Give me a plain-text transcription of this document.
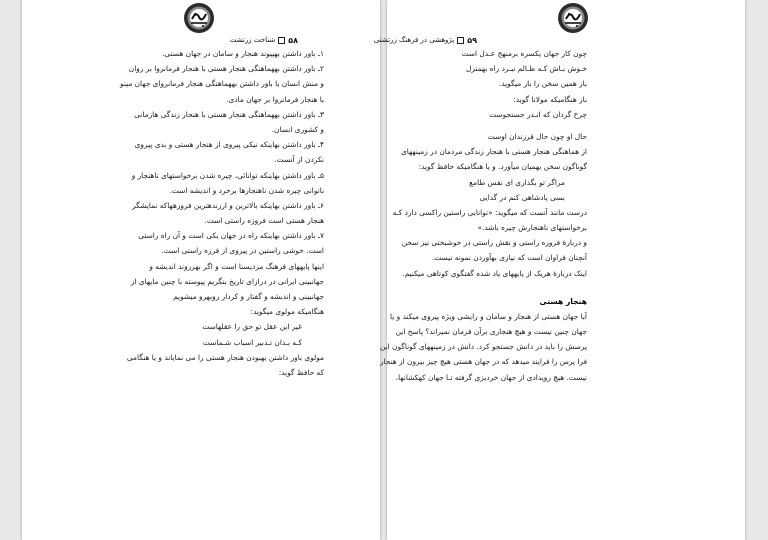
۵۸
شناخت زرتشت
۱ـ باور داشتن بهپیوند هنجار و سامان در جهان هستی.
۲ـ باور داشتن بههماهنگی هنجار هستی با هنجار فرمانروا بر روان
و منش انسان یا باور داشتن بههماهنگی هنجار فرمانروای جهان مینو
با هنجار فرمانروا بر جهان مادی.
۳ـ باور داشتن بههماهنگی هنجار هستی با هنجار زندگی هازمانی
و کشوری انسان.
۴ـ باور داشتن بهاینکه نیکی پیروی از هنجار هستی و بدی پیروی
نکردن از آنست.
۵ـ باور داشتن بهاینکه توانائی، چیره شدن برخواستهای ناهنجار و
ناتوانی چیره شدن ناهنجارها برخرد و اندیشه است.
۶ـ باور داشتن بهاینکه بالاترین و ارزندهترین فروزههاکه نمایشگر
هنجار هستی است فروزه راستی است.
۷ـ باور داشتن بهاینکه راه در جهان یکی است و آن راه راستی
است. خوشی راستین در پیروی از فرزه راستی است.
اینها پایههای فرهنگ مزدیسنا است و اگر بهرروند اندیشه و
جهانبینی ایرانی در درازای تاریخ بنگریم پیوسته با چنین مایهای از
جهانبینی و اندیشه و گفتار و کردار روبهرو میشویم
هنگامیکه مولوی میگوید:
غیر این عقل تو حق را عقلهاست
کـه بـدان تـدبیر اسباب شـماست
مولوی باور داشتن بهبودن هنجار هستی را می نمایاند و یا هنگامی
که حافظ گوید:
۵۹
پژوهشی در فرهنگ زرتشتی
چون کار جهان یکسره برمنهج عـدل است
خـوش بـاش کـه ظـالم نبـرد راه بهمنزل
باز همین سخن را باز میگوید.
باز هنگامیکه مولانا گوید:
چرخ گردان که انـدر جستجوست
حال او چون حال فرزندان اوست
از هماهنگی هنجار هستی با هنجار زندگی مردمان در زمینههای
گوناگون سخن بهمیان میآورد. و یا هنگامیکه حافظ گوید:
مراگر تو بگذاری ای نفس طامع
بسی پادشاهی کنم در گدایی
درست مانند آنست که میگوید: «توانایی راستین راکسی دارد کـه
برخواستهای ناهنجارش چیره باشد.»
و دربارهٔ فروزه راستی و نقش راستی در خوشبختی نیز سخن
آنچنان فراوان است که نیازی بهآوردن نمونه نیست.
اینک دربارهٔ هریک از پایههای یاد شده گفتگوی کوتاهی میکنیم.
هنجار هستی
آیا جهان هستی از هنجار و سامان و رایشی ویژه پیروی میکند و یا
جهان چنین نیست و هیچ هنجاری برآن فرمان نمیراند؟ پاسخ این
پرسش را باید در دانش جستجو کرد. دانش در زمینههای گوناگون این
فرا پرس را فرایند میدهد که در جهان هستی هیچ چیز بیرون از هنجار
نیست. هیچ رویدادی از جهان خردیزی گرفته تـا جهان کهکشانها،
